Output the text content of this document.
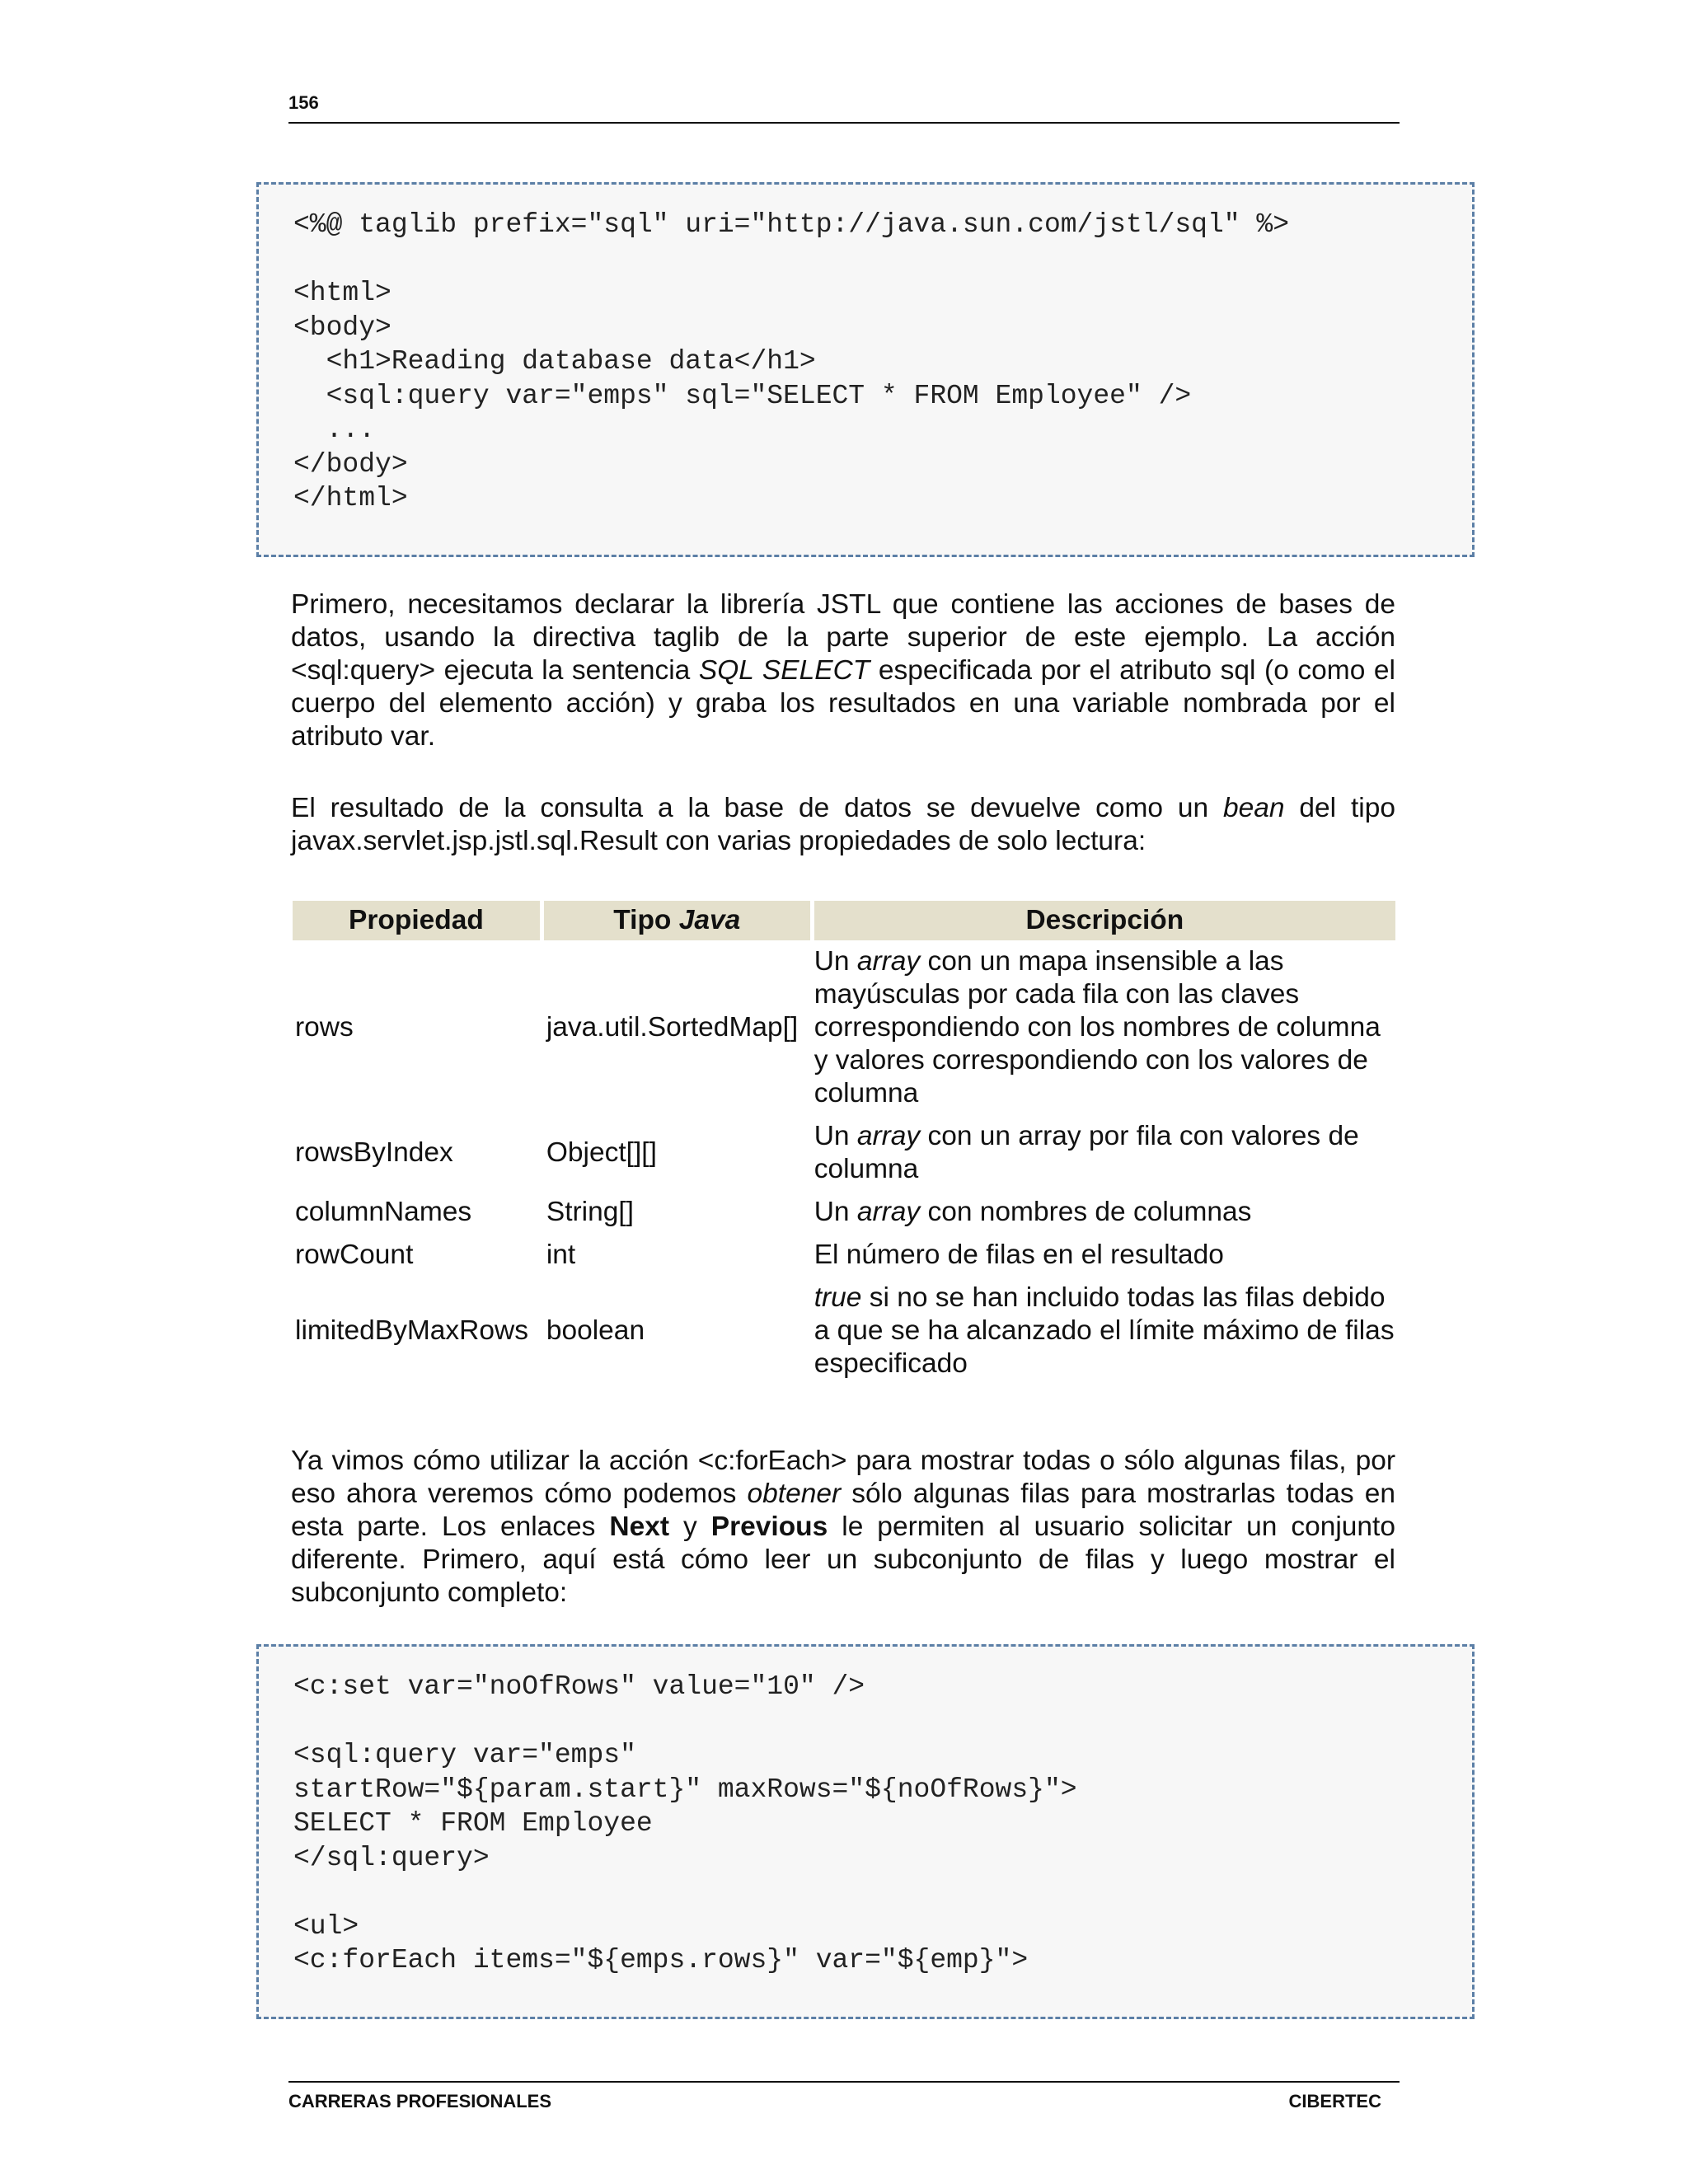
156
<%@ taglib prefix="sql" uri="http://java.sun.com/jstl/sql" %>
<html>
<body>
<h1>Reading database data</h1>
<sql:query var="emps" sql="SELECT * FROM Employee" />
...
</body>
</html>

Primero, necesitamos declarar la librería JSTL que contiene las acciones de bases de datos, usando la directiva taglib de la parte superior de este ejemplo. La acción <sql:query> ejecuta la sentencia SQL SELECT especificada por el atributo sql (o como el cuerpo del elemento acción) y graba los resultados en una variable nombrada por el atributo var.

El resultado de la consulta a la base de datos se devuelve como un bean del tipo javax.servlet.jsp.jstl.sql.Result con varias propiedades de solo lectura:

Propiedad	Tipo Java	Descripción
rows	java.util.SortedMap[]	Un array con un mapa insensible a las mayúsculas por cada fila con las claves correspondiendo con los nombres de columna y valores correspondiendo con los valores de columna
rowsByIndex	Object[][]	Un array con un array por fila con valores de columna
columnNames	String[]	Un array con nombres de columnas
rowCount	int	El número de filas en el resultado
limitedByMaxRows	boolean	true si no se han incluido todas las filas debido a que se ha alcanzado el límite máximo de filas especificado

Ya vimos cómo utilizar la acción <c:forEach> para mostrar todas o sólo algunas filas, por eso ahora veremos cómo podemos obtener sólo algunas filas para mostrarlas todas en esta parte. Los enlaces Next y Previous le permiten al usuario solicitar un conjunto diferente. Primero, aquí está cómo leer un subconjunto de filas y luego mostrar el subconjunto completo:

<c:set var="noOfRows" value="10" />
<sql:query var="emps"
startRow="${param.start}" maxRows="${noOfRows}">
SELECT * FROM Employee
</sql:query>
<ul>
<c:forEach items="${emps.rows}" var="${emp}">
CARRERAS PROFESIONALES	CIBERTEC
